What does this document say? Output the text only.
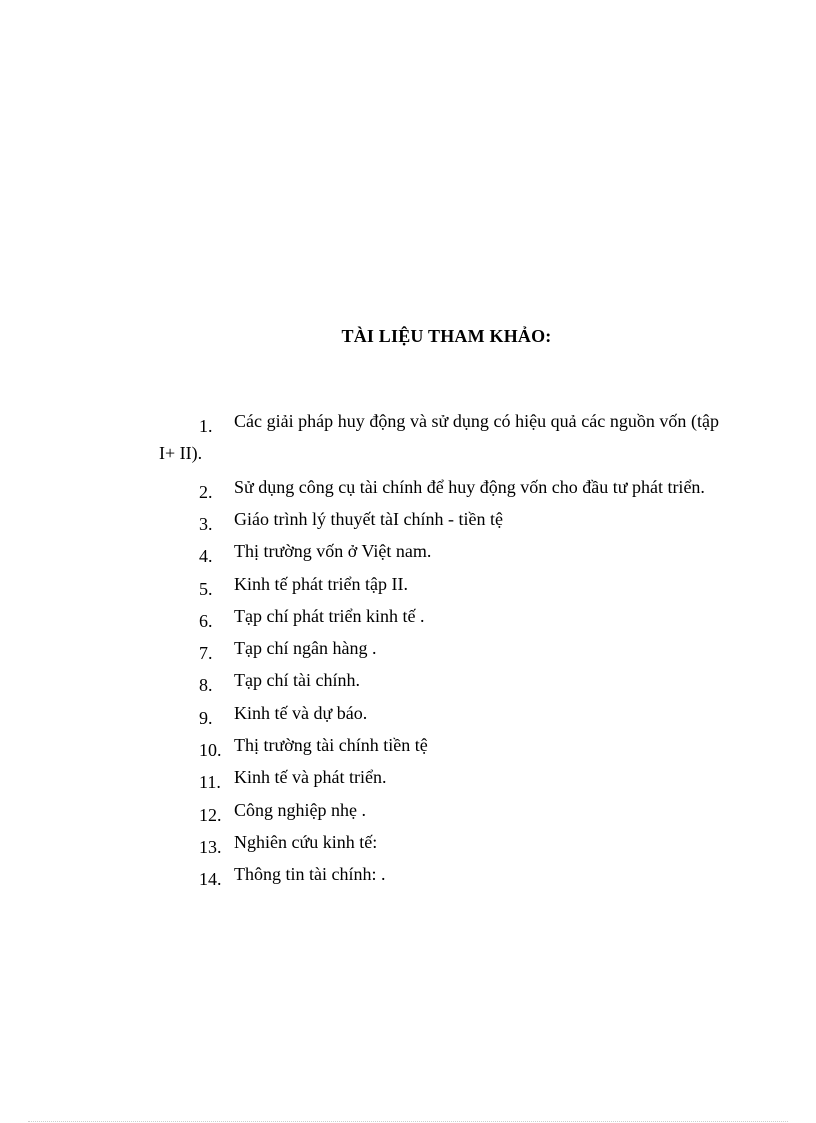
TÀI LIỆU THAM KHẢO:
1.	Các giải pháp huy động và sử dụng có hiệu quả các nguồn vốn (tập I+ II).
2.	Sử dụng công cụ tài chính để huy động vốn cho đầu tư phát triển.
3.	Giáo trình lý thuyết tàI chính - tiền tệ
4.	Thị trường vốn ở Việt nam.
5.	Kinh tế phát triển tập II.
6.	Tạp chí phát triển kinh tế .
7.	Tạp chí ngân hàng .
8.	Tạp chí tài chính.
9.	Kinh tế và dự báo.
10. Thị trường tài chính tiền tệ
11. Kinh tế và phát triển.
12. Công nghiệp nhẹ .
13. Nghiên cứu kinh tế:
14. Thông tin tài chính: .
